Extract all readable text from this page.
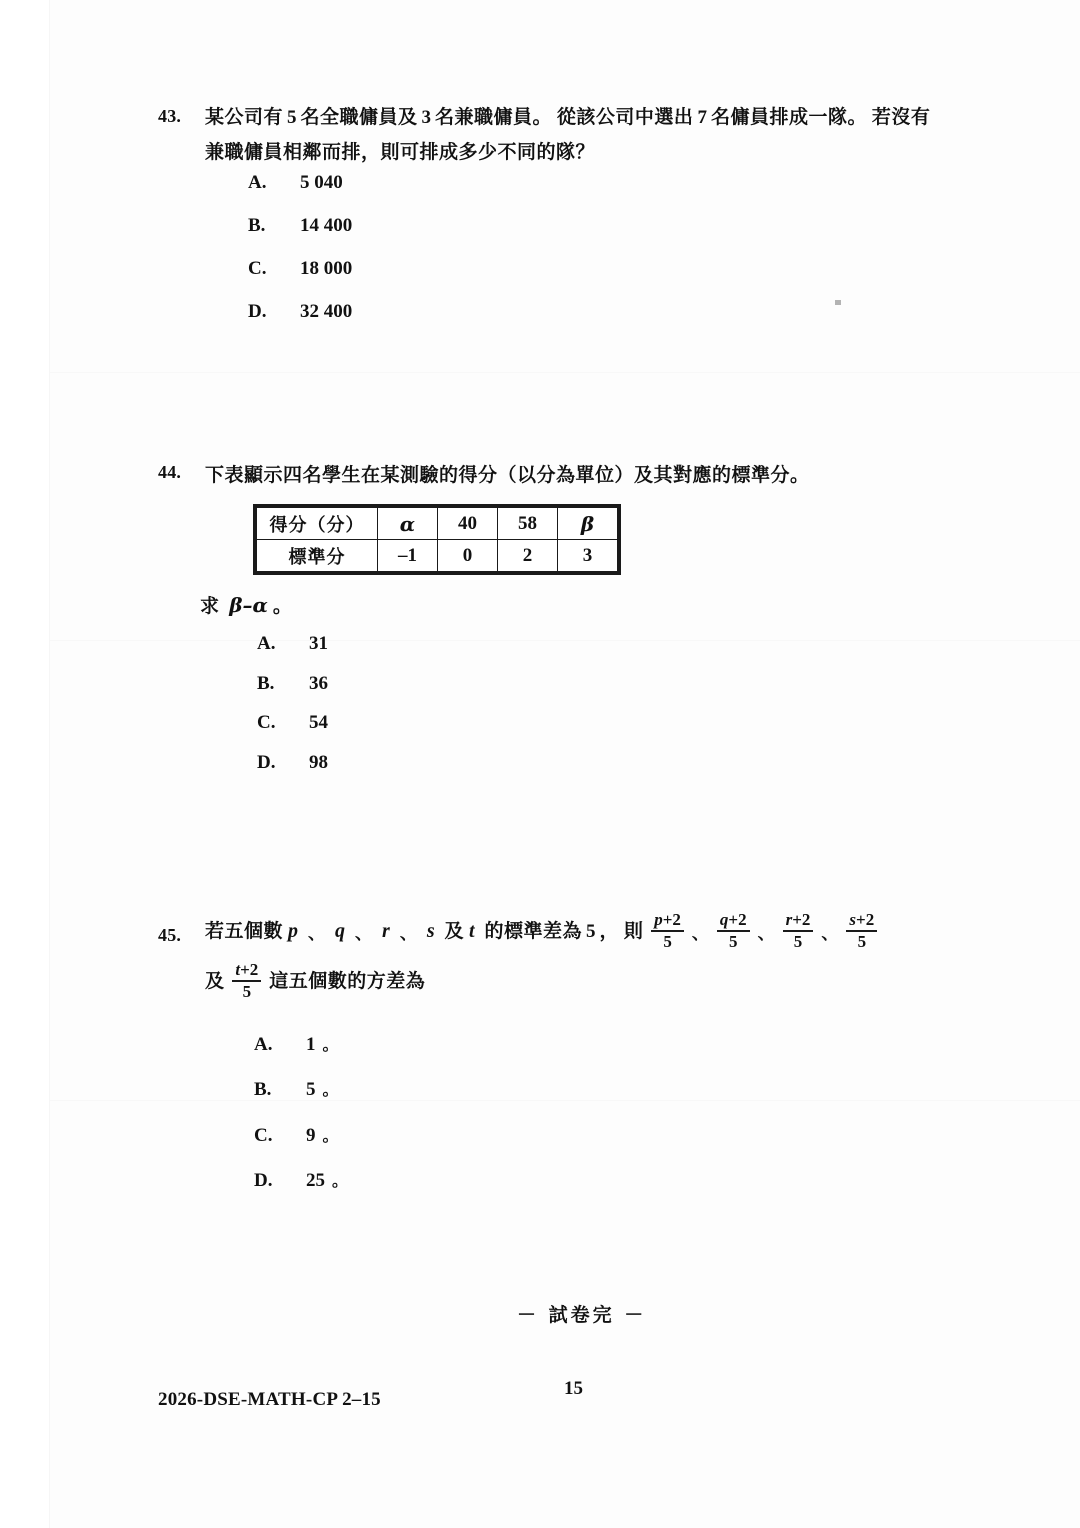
43. 某公司有 5 名全職傭員及 3 名兼職傭員。 從該公司中選出 7 名傭員排成一隊。 若沒有
兼職傭員相鄰而排，則可排成多少不同的隊？
A. 5 040
B. 14 400
C. 18 000
D. 32 400
44. 下表顯示四名學生在某測驗的得分（以分為單位）及其對應的標準分。
得分（分）	α	40	58	β
標準分	–1	0	2	3
求 β–α 。
A. 31
B. 36
C. 54
D. 98
45. 若五個數 p 、 q 、 r 、 s 及 t 的標準差為 5 ， 則 $\frac{p+2}{5}$ 、 $\frac{q+2}{5}$ 、 $\frac{r+2}{5}$ 、 $\frac{s+2}{5}$
及 $\frac{t+2}{5}$ 這五個數的方差為
A. 1 。
B. 5 。
C. 9 。
D. 25 。
－ 試卷完 －
2026-DSE-MATH-CP 2–15
15
